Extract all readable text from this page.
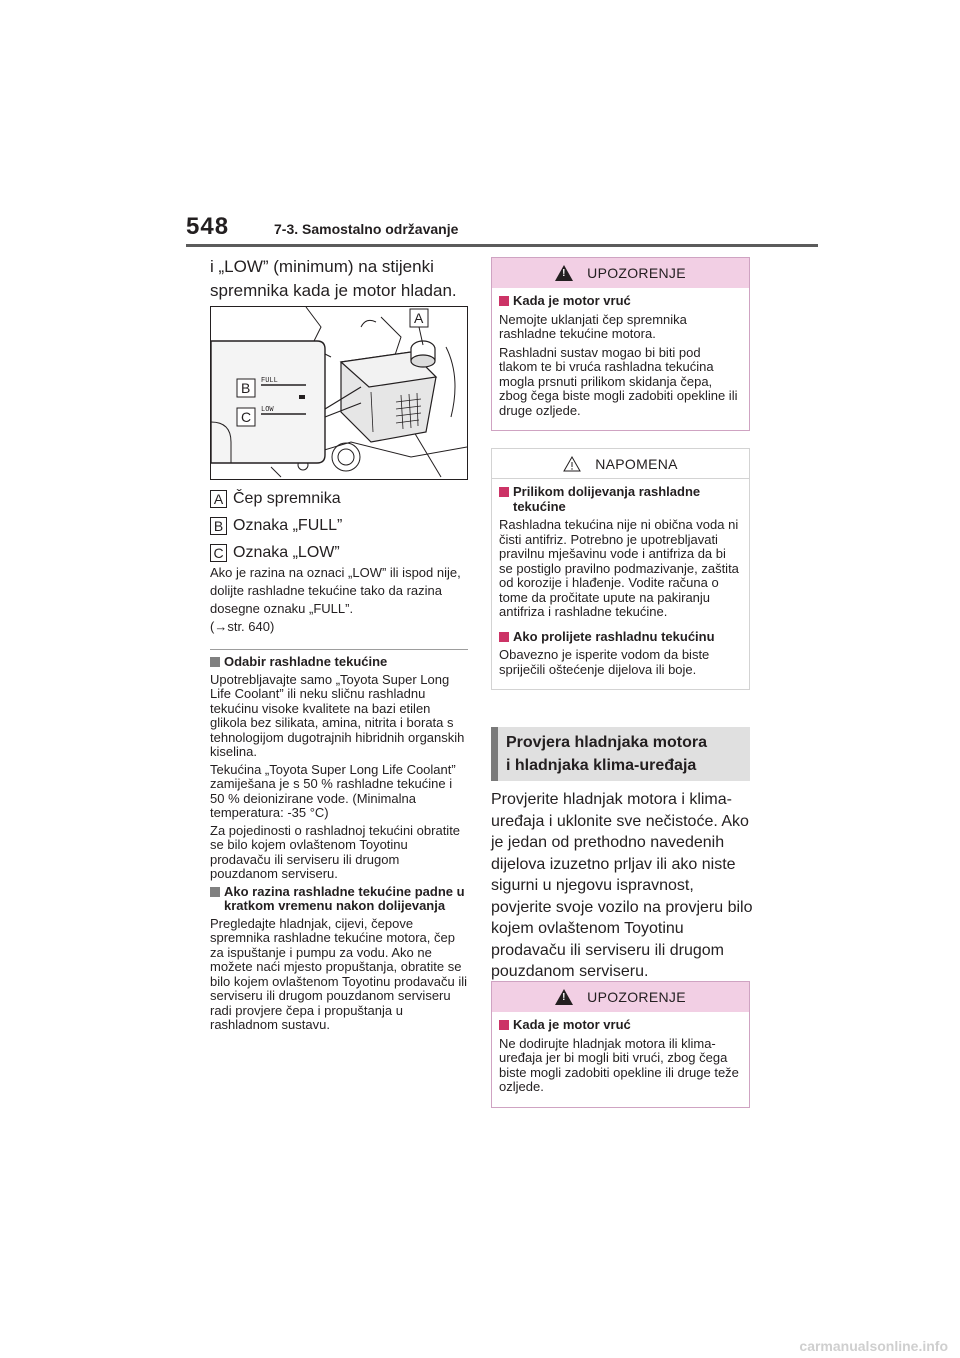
548	7-3. Samostalno održavanje

i „LOW” (minimum) na stijenki spremnika kada je motor hladan.

FULL
LOW
B
C
A
A Čep spremnika
B Oznaka „FULL”
C Oznaka „LOW”

Ako je razina na oznaci „LOW” ili ispod nije, dolijte rashladne tekućine tako da razina dosegne oznaku „FULL”.

(→str. 640)

Odabir rashladne tekućine

Upotrebljavajte samo „Toyota Super Long Life Coolant” ili neku sličnu rashladnu tekućinu visoke kvalitete na bazi etilen glikola bez silikata, amina, nitrita i borata s tehnologijom dugotrajnih hibridnih organskih kiselina.

Tekućina „Toyota Super Long Life Coolant” zamiješana je s 50 % rashladne tekućine i 50 % deionizirane vode. (Minimalna temperatura: -35 °C)

Za pojedinosti o rashladnoj tekućini obratite se bilo kojem ovlaštenom Toyotinu prodavaču ili serviseru ili drugom pouzdanom serviseru.

Ako razina rashladne tekućine padne u kratkom vremenu nakon dolijevanja

Pregledajte hladnjak, cijevi, čepove spremnika rashladne tekućine motora, čep za ispuštanje i pumpu za vodu. Ako ne možete naći mjesto propuštanja, obratite se bilo kojem ovlaštenom Toyotinu prodavaču ili serviseru ili drugom pouzdanom serviseru radi provjere čepa i propuštanja u rashladnom sustavu.

!
UPOZORENJE

Kada je motor vruć

Nemojte uklanjati čep spremnika rashladne tekućine motora.

Rashladni sustav mogao bi biti pod tlakom te bi vruća rashladna tekućina mogla prsnuti prilikom skidanja čepa, zbog čega biste mogli zadobiti opekline ili druge ozljede.

NAPOMENA

Prilikom dolijevanja rashladne tekućine

Rashladna tekućina nije ni obična voda ni čisti antifriz. Potrebno je upotrebljavati pravilnu mješavinu vode i antifriza da bi se postiglo pravilno podmazivanje, zaštita od korozije i hlađenje. Vodite računa o tome da pročitate upute na pakiranju antifriza i rashladne tekućine.

Ako prolijete rashladnu tekućinu

Obavezno je isperite vodom da biste spriječili oštećenje dijelova ili boje.

Provjera hladnjaka motora
i hladnjaka klima-uređaja
Provjerite hladnjak motora i klima-uređaja i uklonite sve nečistoće. Ako je jedan od prethodno navedenih dijelova izuzetno prljav ili ako niste sigurni u njegovu ispravnost, povjerite svoje vozilo na provjeru bilo kojem ovlaštenom Toyotinu prodavaču ili serviseru ili drugom pouzdanom serviseru.
!
UPOZORENJE

Kada je motor vruć

Ne dodirujte hladnjak motora ili klima-uređaja jer bi mogli biti vrući, zbog čega biste mogli zadobiti opekline ili druge teže ozljede.

carmanualsonline.info
